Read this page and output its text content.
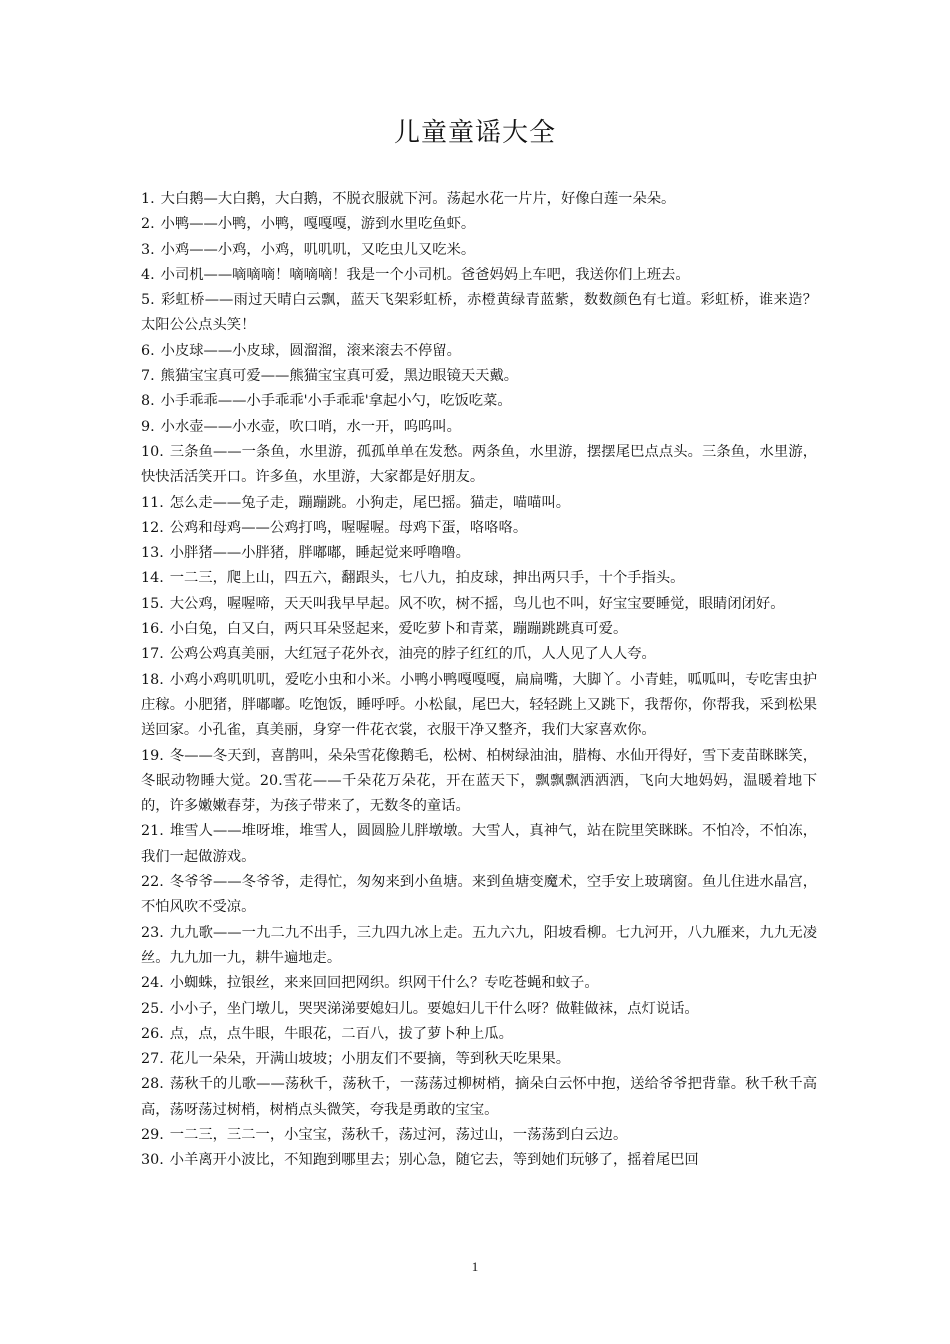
儿童童谣大全

1. 大白鹅—大白鹅，大白鹅，不脱衣服就下河。荡起水花一片片，好像白莲一朵朵。

2. 小鸭——小鸭，小鸭，嘎嘎嘎，游到水里吃鱼虾。

3. 小鸡——小鸡，小鸡，叽叽叽，又吃虫儿又吃米。

4. 小司机——嘀嘀嘀！嘀嘀嘀！我是一个小司机。爸爸妈妈上车吧，我送你们上班去。

5. 彩虹桥——雨过天晴白云飘，蓝天飞架彩虹桥，赤橙黄绿青蓝紫，数数颜色有七道。彩虹桥，谁来造？太阳公公点头笑！

6. 小皮球——小皮球，圆溜溜，滚来滚去不停留。

7. 熊猫宝宝真可爱——熊猫宝宝真可爱，黑边眼镜天天戴。

8. 小手乖乖——小手乖乖'小手乖乖'拿起小勺，吃饭吃菜。

9. 小水壶——小水壶，吹口哨，水一开，呜呜叫。

10. 三条鱼——一条鱼，水里游，孤孤单单在发愁。两条鱼，水里游，摆摆尾巴点点头。三条鱼，水里游，快快活活笑开口。许多鱼，水里游，大家都是好朋友。

11. 怎么走——兔子走，蹦蹦跳。小狗走，尾巴摇。猫走，喵喵叫。

12. 公鸡和母鸡——公鸡打鸣，喔喔喔。母鸡下蛋，咯咯咯。

13. 小胖猪——小胖猪，胖嘟嘟，睡起觉来呼噜噜。

14. 一二三，爬上山，四五六，翻跟头，七八九，拍皮球，抻出两只手，十个手指头。

15. 大公鸡，喔喔啼，天天叫我早早起。风不吹，树不摇，鸟儿也不叫，好宝宝要睡觉，眼睛闭闭好。

16. 小白兔，白又白，两只耳朵竖起来，爱吃萝卜和青菜，蹦蹦跳跳真可爱。

17. 公鸡公鸡真美丽，大红冠子花外衣，油亮的脖子红红的爪，人人见了人人夸。

18. 小鸡小鸡叽叽叽，爱吃小虫和小米。小鸭小鸭嘎嘎嘎，扁扁嘴，大脚丫。小青蛙，呱呱叫，专吃害虫护庄稼。小肥猪，胖嘟嘟。吃饱饭，睡呼呼。小松鼠，尾巴大，轻轻跳上又跳下，我帮你，你帮我，采到松果送回家。小孔雀，真美丽，身穿一件花衣裳，衣服干净又整齐，我们大家喜欢你。

19. 冬——冬天到，喜鹊叫，朵朵雪花像鹅毛，松树、柏树绿油油，腊梅、水仙开得好，雪下麦苗眯眯笑，冬眠动物睡大觉。20.雪花——千朵花万朵花，开在蓝天下，飘飘飘洒洒洒，飞向大地妈妈，温暖着地下的，许多嫩嫩春芽，为孩子带来了，无数冬的童话。

21. 堆雪人——堆呀堆，堆雪人，圆圆脸儿胖墩墩。大雪人，真神气，站在院里笑眯眯。不怕冷，不怕冻，我们一起做游戏。

22. 冬爷爷——冬爷爷，走得忙，匆匆来到小鱼塘。来到鱼塘变魔术，空手安上玻璃窗。鱼儿住进水晶宫，不怕风吹不受凉。

23. 九九歌——一九二九不出手，三九四九冰上走。五九六九，阳坡看柳。七九河开，八九雁来，九九无凌丝。九九加一九，耕牛遍地走。

24. 小蜘蛛，拉银丝，来来回回把网织。织网干什么？专吃苍蝇和蚊子。

25. 小小子，坐门墩儿，哭哭涕涕要媳妇儿。要媳妇儿干什么呀？做鞋做袜，点灯说话。

26. 点，点，点牛眼，牛眼花，二百八，拔了萝卜种上瓜。

27. 花儿一朵朵，开满山坡坡；小朋友们不要摘，等到秋天吃果果。

28. 荡秋千的儿歌——荡秋千，荡秋千，一荡荡过柳树梢，摘朵白云怀中抱，送给爷爷把背靠。秋千秋千高高，荡呀荡过树梢，树梢点头微笑，夸我是勇敢的宝宝。

29. 一二三，三二一，小宝宝，荡秋千，荡过河，荡过山，一荡荡到白云边。

30. 小羊离开小波比，不知跑到哪里去；别心急，随它去，等到她们玩够了，摇着尾巴回

1
